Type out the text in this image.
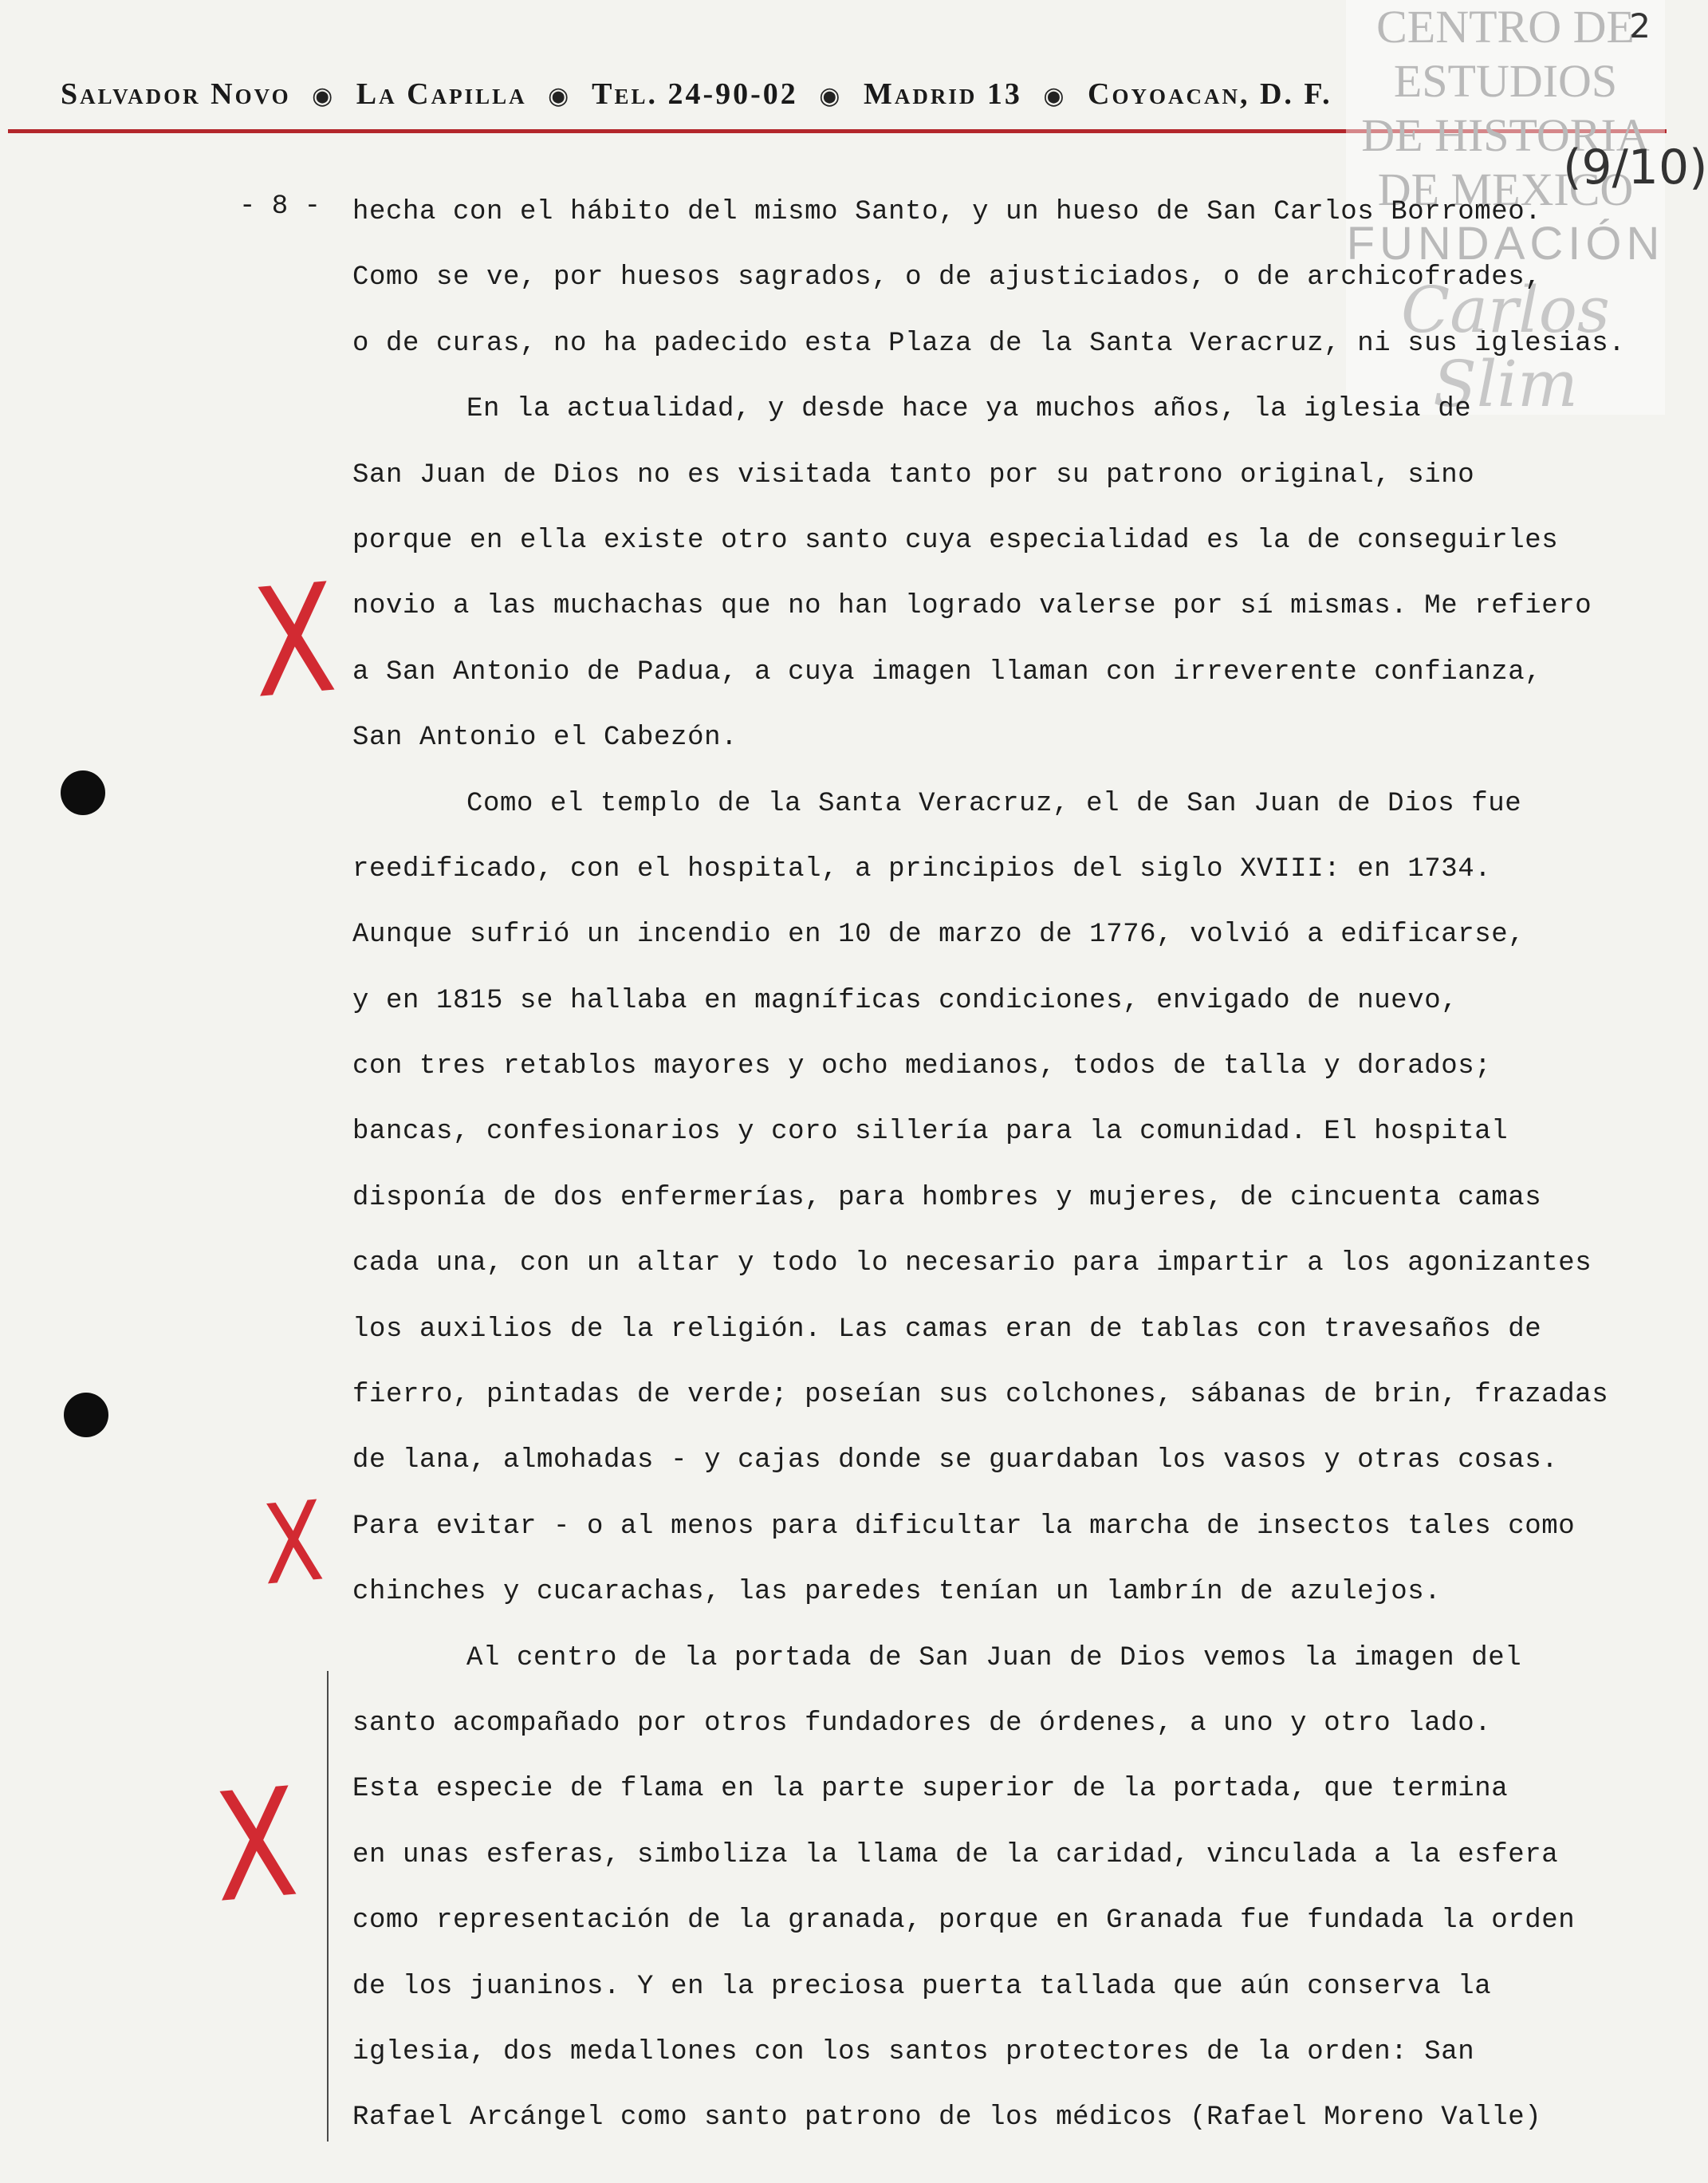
Salvador Novo ◉ La Capilla ◉ Tel. 24-90-02 ◉ Madrid 13 ◉ Coyoacan, D. F.
CENTRO DE
ESTUDIOS
DE HISTORIA
DE MEXICO
FUNDACIÓN
Carlos Slim
2
(9/10)
- 8 - hecha con el hábito del mismo Santo, y un hueso de San Carlos Borromeo.
Como se ve, por huesos sagrados, o de ajusticiados, o de archicofrades,
o de curas, no ha padecido esta Plaza de la Santa Veracruz, ni sus iglesias.
En la actualidad, y desde hace ya muchos años, la iglesia de
San Juan de Dios no es visitada tanto por su patrono original, sino
porque en ella existe otro santo cuya especialidad es la de conseguirles
novio a las muchachas que no han logrado valerse por sí mismas. Me refiero
a San Antonio de Padua, a cuya imagen llaman con irreverente confianza,
San Antonio el Cabezón.
Como el templo de la Santa Veracruz, el de San Juan de Dios fue
reedificado, con el hospital, a principios del siglo XVIII: en 1734.
Aunque sufrió un incendio en 10 de marzo de 1776, volvió a edificarse,
y en 1815 se hallaba en magníficas condiciones, envigado de nuevo,
con tres retablos mayores y ocho medianos, todos de talla y dorados;
bancas, confesionarios y coro sillería para la comunidad. El hospital
disponía de dos enfermerías, para hombres y mujeres, de cincuenta camas
cada una, con un altar y todo lo necesario para impartir a los agonizantes
los auxilios de la religión. Las camas eran de tablas con travesaños de
fierro, pintadas de verde; poseían sus colchones, sábanas de brin, frazadas
de lana, almohadas - y cajas donde se guardaban los vasos y otras cosas.
Para evitar - o al menos para dificultar la marcha de insectos tales como
chinches y cucarachas, las paredes tenían un lambrín de azulejos.
Al centro de la portada de San Juan de Dios vemos la imagen del
santo acompañado por otros fundadores de órdenes, a uno y otro lado.
Esta especie de flama en la parte superior de la portada, que termina
en unas esferas, simboliza la llama de la caridad, vinculada a la esfera
como representación de la granada, porque en Granada fue fundada la orden
de los juaninos. Y en la preciosa puerta tallada que aún conserva la
iglesia, dos medallones con los santos protectores de la orden: San
Rafael Arcángel como santo patrono de los médicos (Rafael Moreno Valle)
X
X
X
